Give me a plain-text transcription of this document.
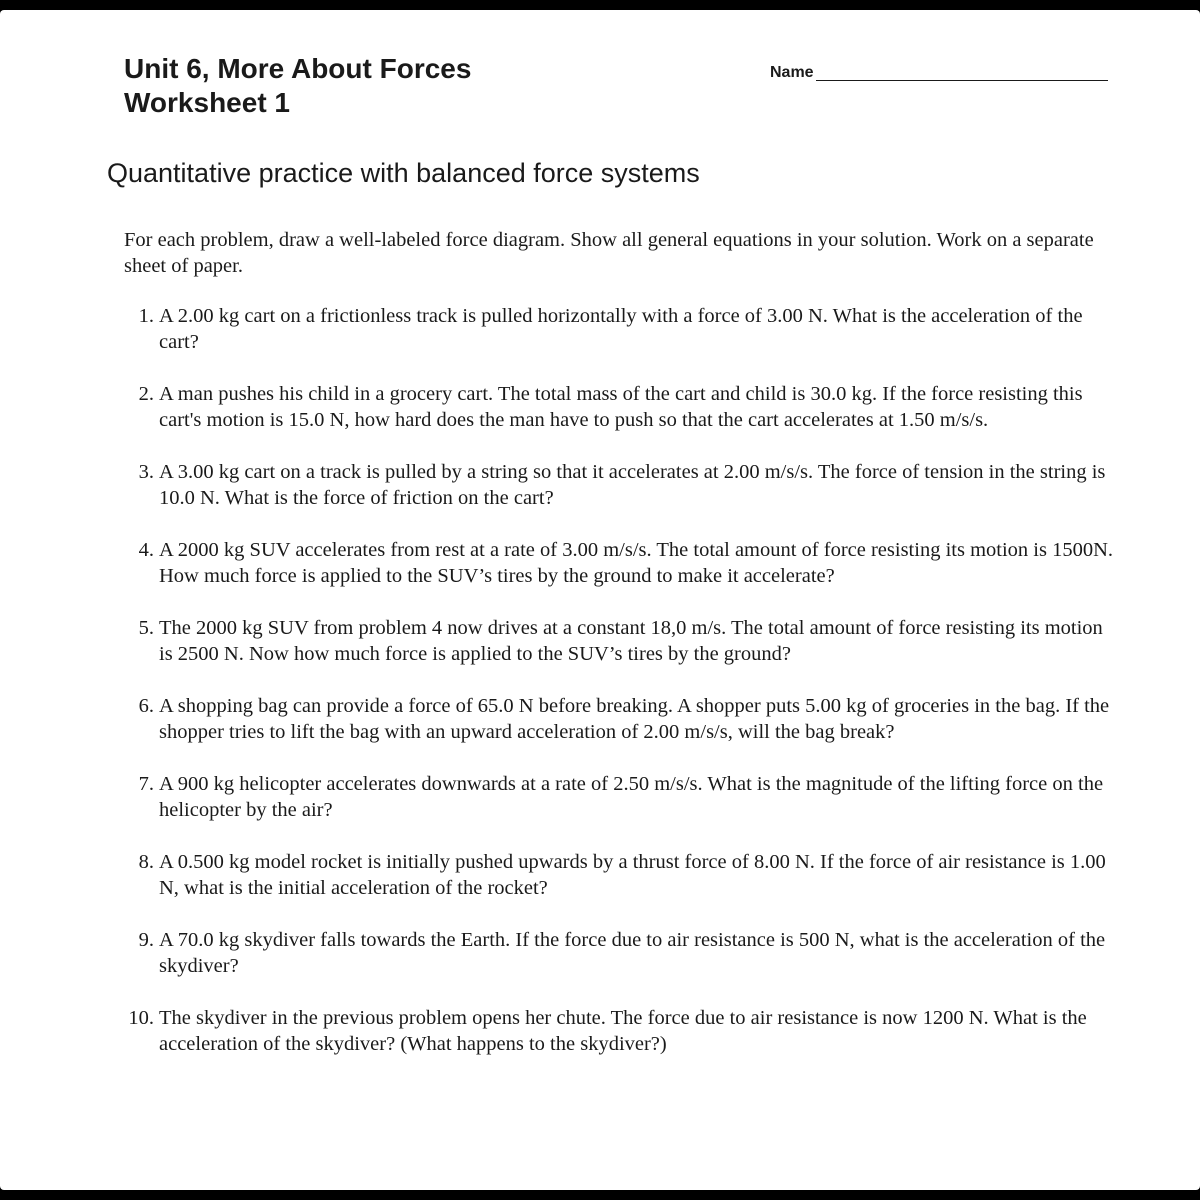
Unit 6, More About Forces
Worksheet 1
Name
Quantitative practice with balanced force systems

For each problem, draw a well-labeled force diagram. Show all general equations in your solution. Work on a separate sheet of paper.

1. A 2.00 kg cart on a frictionless track is pulled horizontally with a force of 3.00 N. What is the acceleration of the cart?
2. A man pushes his child in a grocery cart. The total mass of the cart and child is 30.0 kg. If the force resisting this cart's motion is 15.0 N, how hard does the man have to push so that the cart accelerates at 1.50 m/s/s.
3. A 3.00 kg cart on a track is pulled by a string so that it accelerates at 2.00 m/s/s. The force of tension in the string is 10.0 N. What is the force of friction on the cart?
4. A 2000 kg SUV accelerates from rest at a rate of 3.00 m/s/s. The total amount of force resisting its motion is 1500N. How much force is applied to the SUV’s tires by the ground to make it accelerate?
5. The 2000 kg SUV from problem 4 now drives at a constant 18,0 m/s. The total amount of force resisting its motion is 2500 N. Now how much force is applied to the SUV’s tires by the ground?
6. A shopping bag can provide a force of 65.0 N before breaking. A shopper puts 5.00 kg of groceries in the bag. If the shopper tries to lift the bag with an upward acceleration of 2.00 m/s/s, will the bag break?
7. A 900 kg helicopter accelerates downwards at a rate of 2.50 m/s/s. What is the magnitude of the lifting force on the helicopter by the air?
8. A 0.500 kg model rocket is initially pushed upwards by a thrust force of 8.00 N. If the force of air resistance is 1.00 N, what is the initial acceleration of the rocket?
9. A 70.0 kg skydiver falls towards the Earth. If the force due to air resistance is 500 N, what is the acceleration of the skydiver?
10. The skydiver in the previous problem opens her chute. The force due to air resistance is now 1200 N. What is the acceleration of the skydiver? (What happens to the skydiver?)
